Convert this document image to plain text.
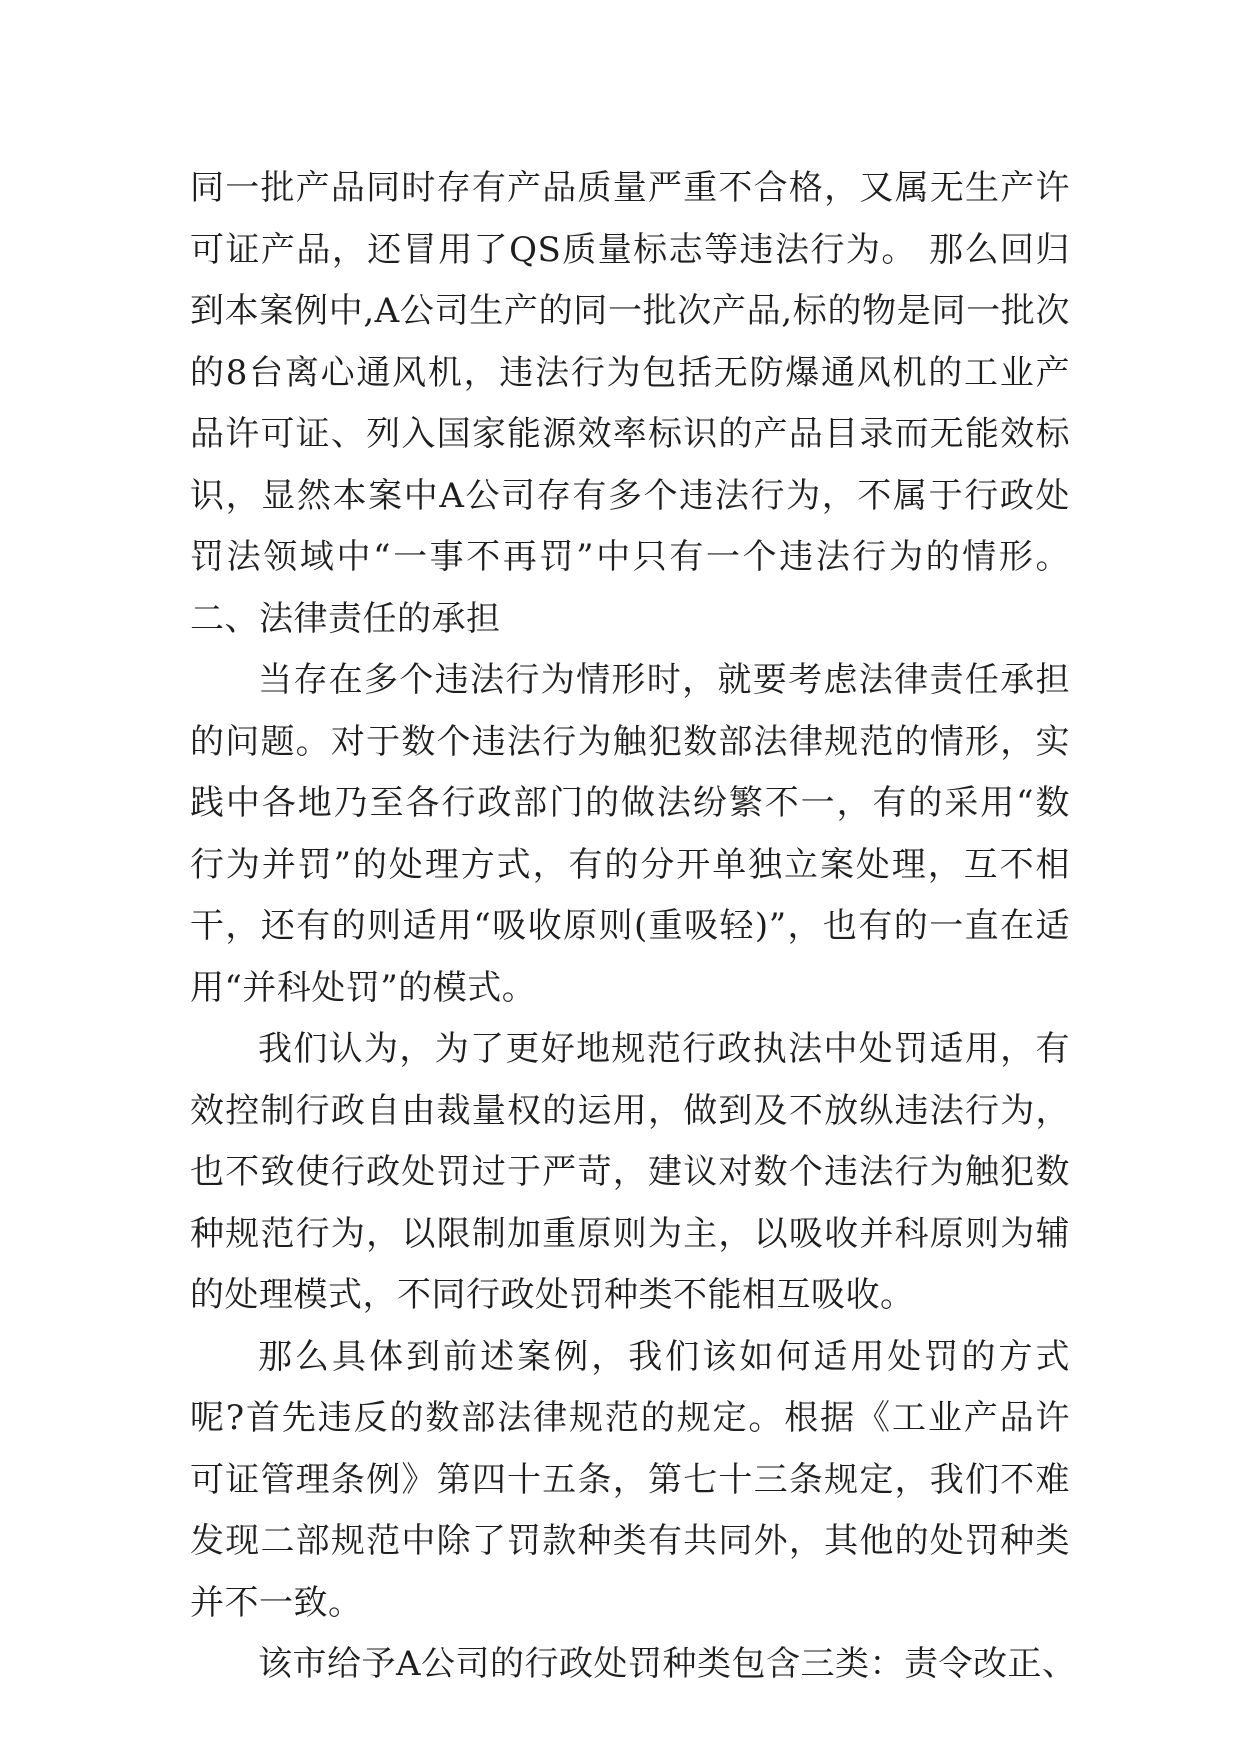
同一批产品同时存有产品质量严重不合格，又属无生产许可证产品，还冒用了QS质量标志等违法行为。 那么回归到本案例中,A公司生产的同一批次产品,标的物是同一批次的8台离心通风机，违法行为包括无防爆通风机的工业产品许可证、列入国家能源效率标识的产品目录而无能效标识，显然本案中A公司存有多个违法行为，不属于行政处罚法领域中“一事不再罚”中只有一个违法行为的情形。二、法律责任的承担

当存在多个违法行为情形时，就要考虑法律责任承担的问题。对于数个违法行为触犯数部法律规范的情形，实践中各地乃至各行政部门的做法纷繁不一，有的采用“数行为并罚”的处理方式，有的分开单独立案处理，互不相干，还有的则适用“吸收原则(重吸轻)”，也有的一直在适用“并科处罚”的模式。

我们认为，为了更好地规范行政执法中处罚适用，有效控制行政自由裁量权的运用，做到及不放纵违法行为，也不致使行政处罚过于严苛，建议对数个违法行为触犯数种规范行为，以限制加重原则为主，以吸收并科原则为辅的处理模式，不同行政处罚种类不能相互吸收。

那么具体到前述案例，我们该如何适用处罚的方式呢?首先违反的数部法律规范的规定。根据《工业产品许可证管理条例》第四十五条，第七十三条规定，我们不难发现二部规范中除了罚款种类有共同外，其他的处罚种类并不一致。

该市给予A公司的行政处罚种类包含三类：责令改正、
